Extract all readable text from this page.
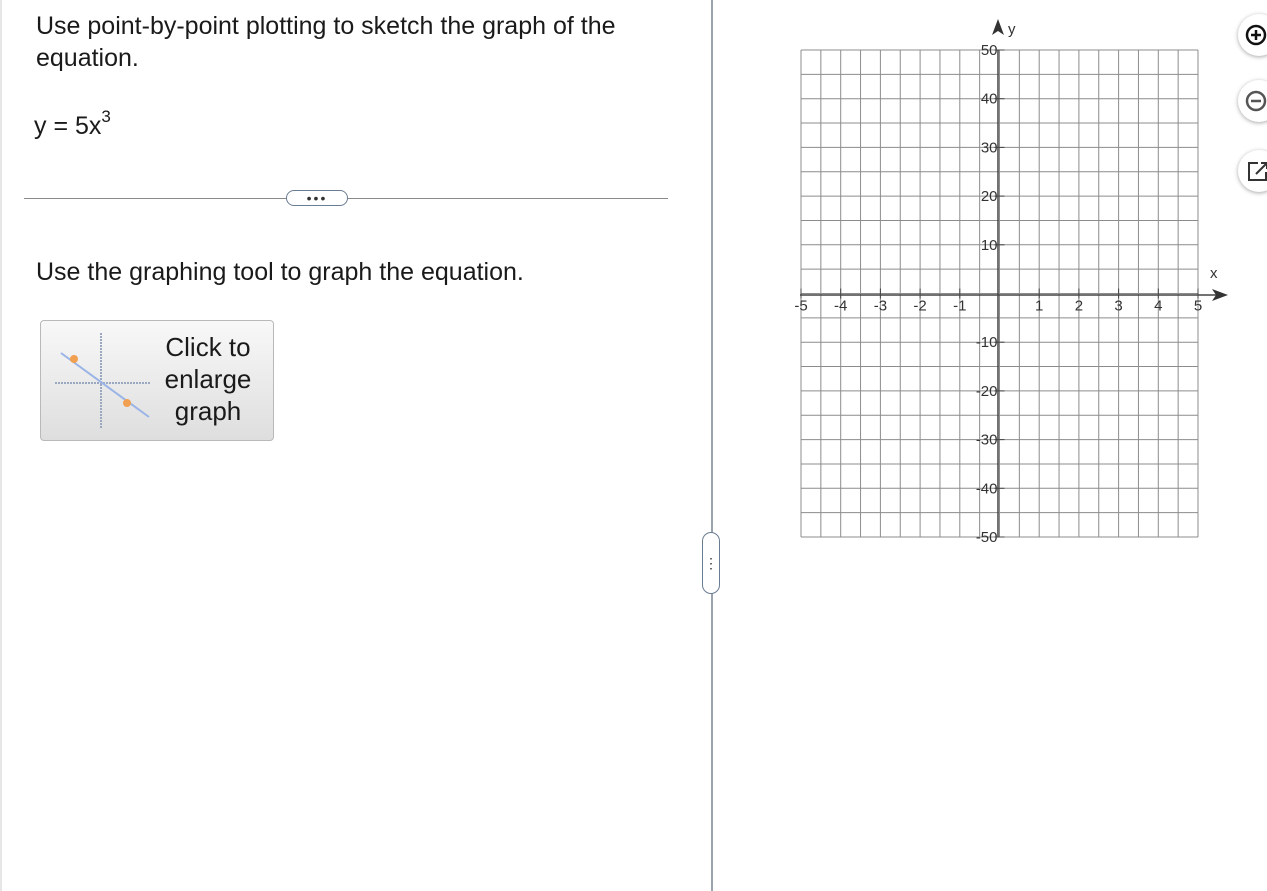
Use point-by-point plotting to sketch the graph of the equation.
$y = 5x^3$
•••
Use the graphing tool to graph the equation.
Click to
enlarge
graph
⋮
x
y
-5 -4 -3 -2 -1	1 2 3 4 5
50
40
30
20
10
-10
-20
-30
-40
-50
